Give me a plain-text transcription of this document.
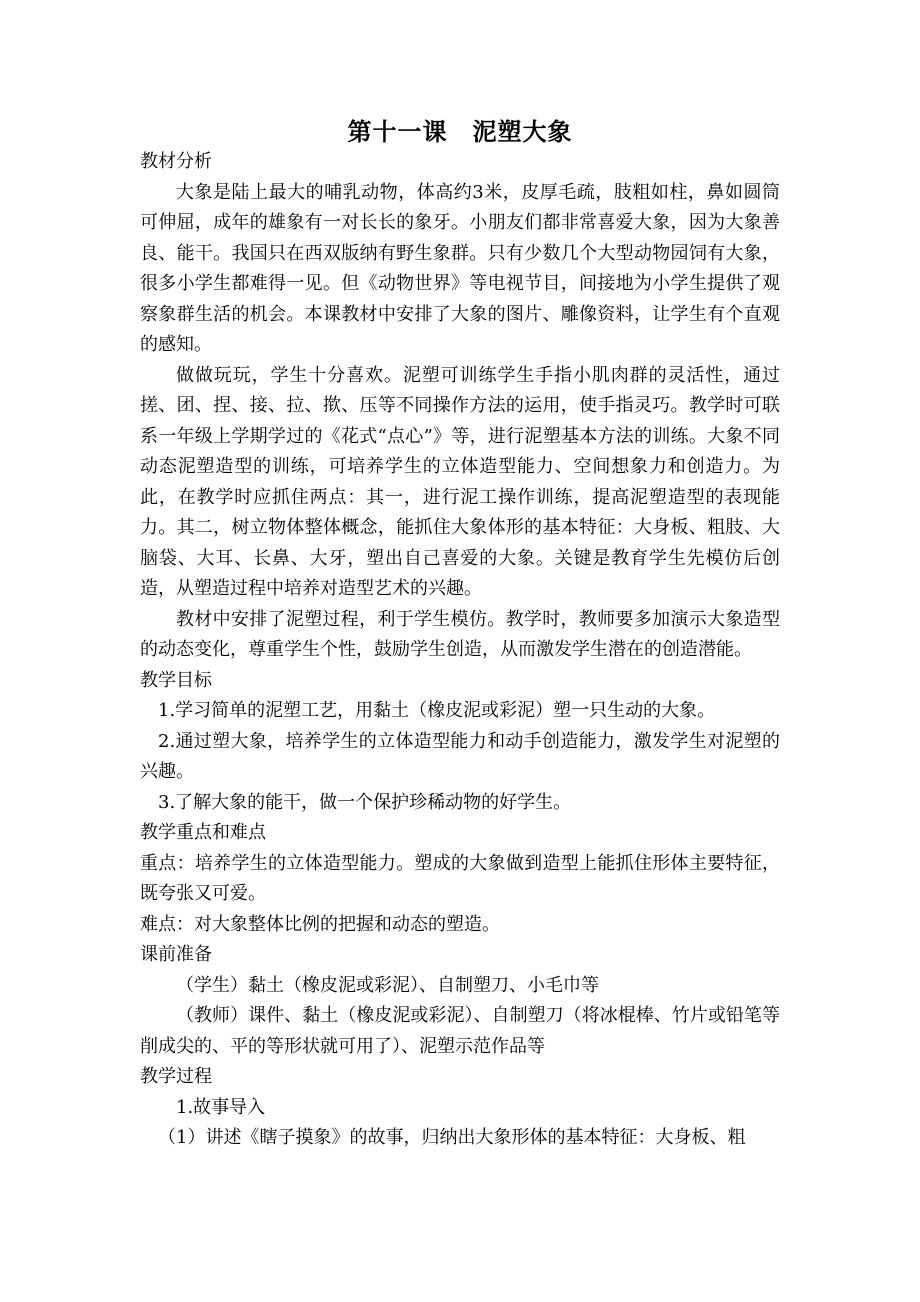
第十一课　泥塑大象

教材分析

大象是陆上最大的哺乳动物，体高约3米，皮厚毛疏，肢粗如柱，鼻如圆筒可伸屈，成年的雄象有一对长长的象牙。小朋友们都非常喜爱大象，因为大象善良、能干。我国只在西双版纳有野生象群。只有少数几个大型动物园饲有大象，很多小学生都难得一见。但《动物世界》等电视节目，间接地为小学生提供了观察象群生活的机会。本课教材中安排了大象的图片、雕像资料，让学生有个直观的感知。

做做玩玩，学生十分喜欢。泥塑可训练学生手指小肌肉群的灵活性，通过搓、团、捏、接、拉、揿、压等不同操作方法的运用，使手指灵巧。教学时可联系一年级上学期学过的《花式“点心”》等，进行泥塑基本方法的训练。大象不同动态泥塑造型的训练，可培养学生的立体造型能力、空间想象力和创造力。为此，在教学时应抓住两点：其一，进行泥工操作训练，提高泥塑造型的表现能力。其二，树立物体整体概念，能抓住大象体形的基本特征：大身板、粗肢、大脑袋、大耳、长鼻、大牙，塑出自己喜爱的大象。关键是教育学生先模仿后创造，从塑造过程中培养对造型艺术的兴趣。

教材中安排了泥塑过程，利于学生模仿。教学时，教师要多加演示大象造型的动态变化，尊重学生个性，鼓励学生创造，从而激发学生潜在的创造潜能。

教学目标

1.学习简单的泥塑工艺，用黏土（橡皮泥或彩泥）塑一只生动的大象。

2.通过塑大象，培养学生的立体造型能力和动手创造能力，激发学生对泥塑的兴趣。

3.了解大象的能干，做一个保护珍稀动物的好学生。

教学重点和难点

重点：培养学生的立体造型能力。塑成的大象做到造型上能抓住形体主要特征，既夸张又可爱。

难点：对大象整体比例的把握和动态的塑造。

课前准备

（学生）黏土（橡皮泥或彩泥）、自制塑刀、小毛巾等

（教师）课件、黏土（橡皮泥或彩泥）、自制塑刀（将冰棍棒、竹片或铅笔等削成尖的、平的等形状就可用了）、泥塑示范作品等

教学过程

1.故事导入

（1）讲述《瞎子摸象》的故事，归纳出大象形体的基本特征：大身板、粗
